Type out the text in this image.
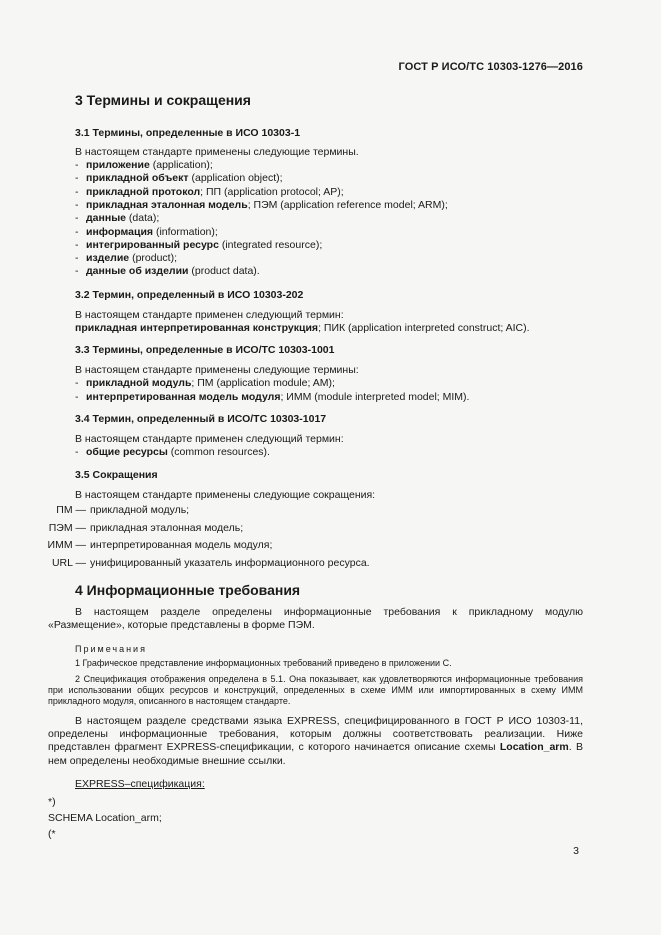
ГОСТ Р ИСО/ТС 10303-1276—2016
3 Термины и сокращения
3.1 Термины, определенные в ИСО 10303-1
В настоящем стандарте применены следующие термины.
- приложение (application);
- прикладной объект (application object);
- прикладной протокол; ПП (application protocol; AP);
- прикладная эталонная модель; ПЭМ (application reference model; ARM);
- данные (data);
- информация (information);
- интегрированный ресурс (integrated resource);
- изделие (product);
- данные об изделии (product data).
3.2 Термин, определенный в ИСО 10303-202
В настоящем стандарте применен следующий термин:
прикладная интерпретированная конструкция; ПИК (application interpreted construct; AIC).
3.3 Термины, определенные в ИСО/ТС 10303-1001
В настоящем стандарте применены следующие термины:
- прикладной модуль; ПМ (application module; AM);
- интерпретированная модель модуля; ИММ (module interpreted model; MIM).
3.4 Термин, определенный в ИСО/ТС 10303-1017
В настоящем стандарте применен следующий термин:
- общие ресурсы (common resources).
3.5 Сокращения
В настоящем стандарте применены следующие сокращения:
ПМ — прикладной модуль;
ПЭМ — прикладная эталонная модель;
ИММ — интерпретированная модель модуля;
URL — унифицированный указатель информационного ресурса.
4 Информационные требования
В настоящем разделе определены информационные требования к прикладному модулю «Размещение», которые представлены в форме ПЭМ.
Примечания
1 Графическое представление информационных требований приведено в приложении С.
2 Спецификация отображения определена в 5.1. Она показывает, как удовлетворяются информационные требования при использовании общих ресурсов и конструкций, определенных в схеме ИММ или импортированных в схему ИММ прикладного модуля, описанного в настоящем стандарте.
В настоящем разделе средствами языка EXPRESS, специфицированного в ГОСТ Р ИСО 10303-11, определены информационные требования, которым должны соответствовать реализации. Ниже представлен фрагмент EXPRESS-спецификации, с которого начинается описание схемы Location_arm. В нем определены необходимые внешние ссылки.
EXPRESS–спецификация:
*)
SCHEMA Location_arm;
(*
3
